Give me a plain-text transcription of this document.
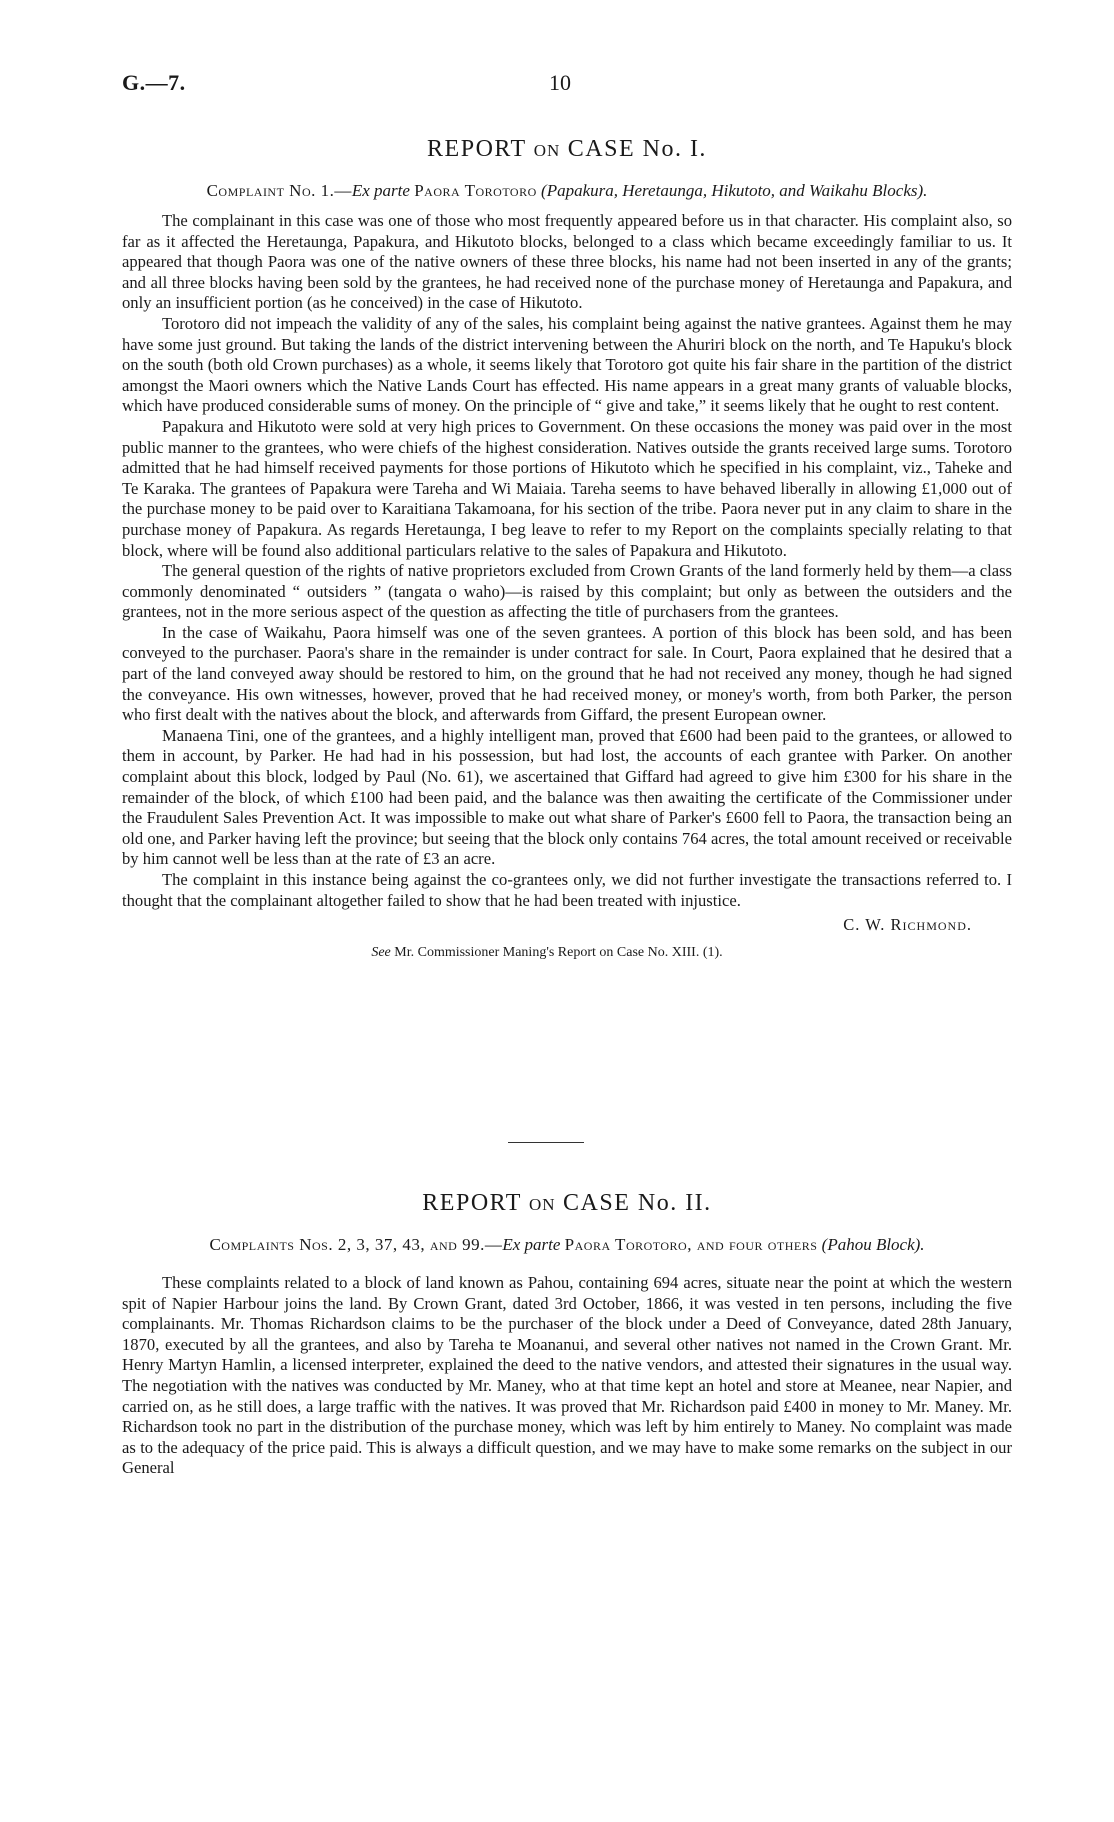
G.—7.	10
REPORT ON CASE No. I.

Complaint No. 1.—Ex parte Paora Torotoro (Papakura, Heretaunga, Hikutoto, and Waikahu Blocks).

The complainant in this case was one of those who most frequently appeared before us in that character. His complaint also, so far as it affected the Heretaunga, Papakura, and Hikutoto blocks, belonged to a class which became exceedingly familiar to us. It appeared that though Paora was one of the native owners of these three blocks, his name had not been inserted in any of the grants; and all three blocks having been sold by the grantees, he had received none of the purchase money of Heretaunga and Papakura, and only an insufficient portion (as he conceived) in the case of Hikutoto.

Torotoro did not impeach the validity of any of the sales, his complaint being against the native grantees. Against them he may have some just ground. But taking the lands of the district intervening between the Ahuriri block on the north, and Te Hapuku's block on the south (both old Crown purchases) as a whole, it seems likely that Torotoro got quite his fair share in the partition of the district amongst the Maori owners which the Native Lands Court has effected. His name appears in a great many grants of valuable blocks, which have produced considerable sums of money. On the principle of “ give and take,” it seems likely that he ought to rest content.

Papakura and Hikutoto were sold at very high prices to Government. On these occasions the money was paid over in the most public manner to the grantees, who were chiefs of the highest consideration. Natives outside the grants received large sums. Torotoro admitted that he had himself received payments for those portions of Hikutoto which he specified in his complaint, viz., Taheke and Te Karaka. The grantees of Papakura were Tareha and Wi Maiaia. Tareha seems to have behaved liberally in allowing £1,000 out of the purchase money to be paid over to Karaitiana Takamoana, for his section of the tribe. Paora never put in any claim to share in the purchase money of Papakura. As regards Heretaunga, I beg leave to refer to my Report on the complaints specially relating to that block, where will be found also additional particulars relative to the sales of Papakura and Hikutoto.

The general question of the rights of native proprietors excluded from Crown Grants of the land formerly held by them—a class commonly denominated “ outsiders ” (tangata o waho)—is raised by this complaint; but only as between the outsiders and the grantees, not in the more serious aspect of the question as affecting the title of purchasers from the grantees.

In the case of Waikahu, Paora himself was one of the seven grantees. A portion of this block has been sold, and has been conveyed to the purchaser. Paora's share in the remainder is under contract for sale. In Court, Paora explained that he desired that a part of the land conveyed away should be restored to him, on the ground that he had not received any money, though he had signed the conveyance. His own witnesses, however, proved that he had received money, or money's worth, from both Parker, the person who first dealt with the natives about the block, and afterwards from Giffard, the present European owner.

Manaena Tini, one of the grantees, and a highly intelligent man, proved that £600 had been paid to the grantees, or allowed to them in account, by Parker. He had had in his possession, but had lost, the accounts of each grantee with Parker. On another complaint about this block, lodged by Paul (No. 61), we ascertained that Giffard had agreed to give him £300 for his share in the remainder of the block, of which £100 had been paid, and the balance was then awaiting the certificate of the Commissioner under the Fraudulent Sales Prevention Act. It was impossible to make out what share of Parker's £600 fell to Paora, the transaction being an old one, and Parker having left the province; but seeing that the block only contains 764 acres, the total amount received or receivable by him cannot well be less than at the rate of £3 an acre.

The complaint in this instance being against the co-grantees only, we did not further investigate the transactions referred to. I thought that the complainant altogether failed to show that he had been treated with injustice.

C. W. Richmond.

See Mr. Commissioner Maning's Report on Case No. XIII. (1).

REPORT ON CASE No. II.

Complaints Nos. 2, 3, 37, 43, and 99.—Ex parte Paora Torotoro, and four others (Pahou Block).

These complaints related to a block of land known as Pahou, containing 694 acres, situate near the point at which the western spit of Napier Harbour joins the land. By Crown Grant, dated 3rd October, 1866, it was vested in ten persons, including the five complainants. Mr. Thomas Richardson claims to be the purchaser of the block under a Deed of Conveyance, dated 28th January, 1870, executed by all the grantees, and also by Tareha te Moananui, and several other natives not named in the Crown Grant. Mr. Henry Martyn Hamlin, a licensed interpreter, explained the deed to the native vendors, and attested their signatures in the usual way. The negotiation with the natives was conducted by Mr. Maney, who at that time kept an hotel and store at Meanee, near Napier, and carried on, as he still does, a large traffic with the natives. It was proved that Mr. Richardson paid £400 in money to Mr. Maney. Mr. Richardson took no part in the distribution of the purchase money, which was left by him entirely to Maney. No complaint was made as to the adequacy of the price paid. This is always a difficult question, and we may have to make some remarks on the subject in our General
